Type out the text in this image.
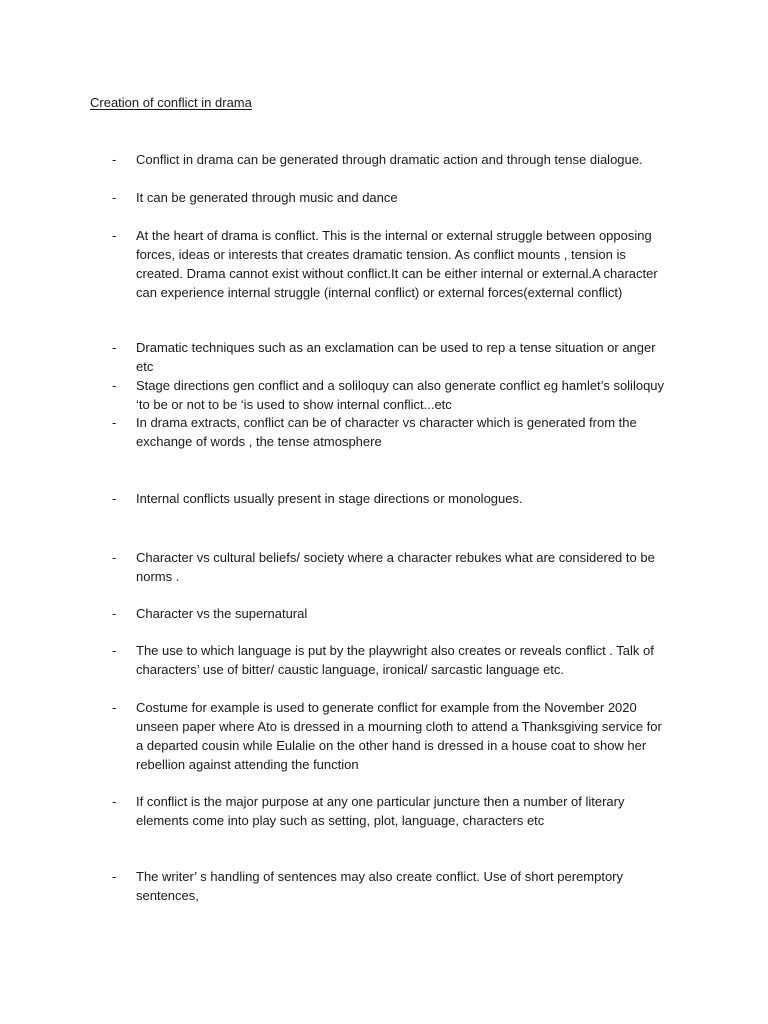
Creation of conflict in drama
- Conflict in drama can be generated through dramatic action and through tense dialogue.
- It can be generated through music and dance
- At the heart of drama is conflict. This is the internal or external struggle between opposing forces, ideas or interests that creates dramatic tension. As conflict mounts , tension is created. Drama cannot exist without conflict.It can be either internal or external.A character can experience internal struggle (internal conflict) or external forces(external conflict)
- Dramatic techniques such as an exclamation can be used to rep a tense situation or anger etc
- Stage directions gen conflict and a soliloquy can also generate conflict eg hamlet’s soliloquy ‘to be or not to be ‘is used to show internal conflict...etc
- In drama extracts, conflict can be of character vs character which is generated from the exchange of words , the tense atmosphere
- Internal conflicts usually present in stage directions or monologues.
- Character vs cultural beliefs/ society where a character rebukes what are considered to be norms .
- Character vs the supernatural
- The use to which language is put by the playwright also creates or reveals conflict . Talk of characters’ use of bitter/ caustic language, ironical/ sarcastic language etc.
- Costume for example is used to generate conflict for example from the November 2020 unseen paper where Ato is dressed in a mourning cloth to attend a Thanksgiving service for a departed cousin while Eulalie on the other hand is dressed in a house coat to show her rebellion against attending the function
- If conflict is the major purpose at any one particular juncture then a number of literary elements come into play such as setting, plot, language, characters etc
- The writer’ s handling of sentences may also create conflict. Use of short peremptory sentences,
